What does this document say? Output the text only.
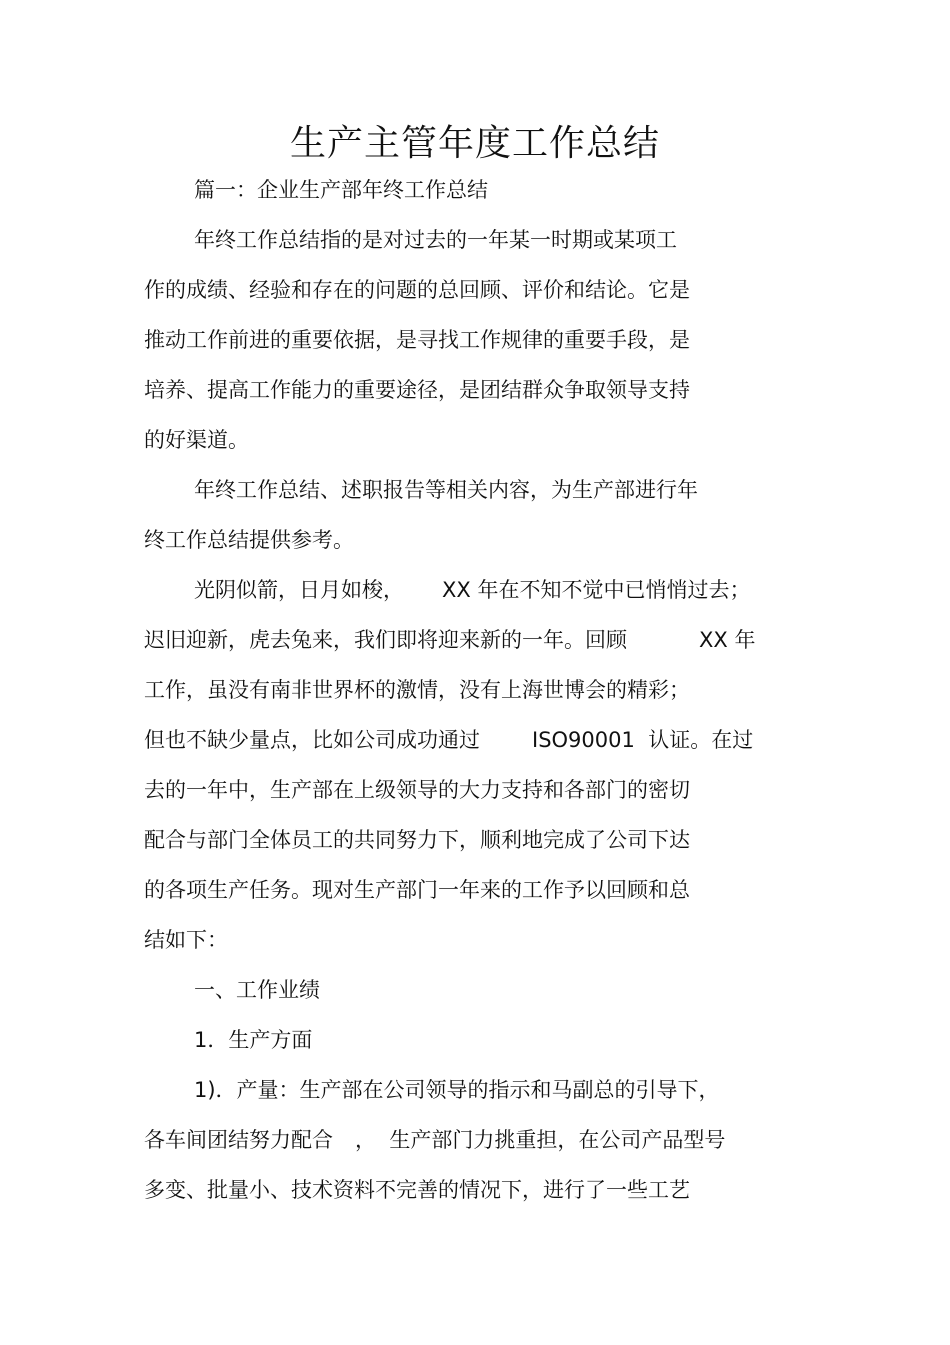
生产主管年度工作总结
篇一：企业生产部年终工作总结
年终工作总结指的是对过去的一年某一时期或某项工
作的成绩、经验和存在的问题的总回顾、评价和结论。它是
推动工作前进的重要依据，是寻找工作规律的重要手段，是
培养、提高工作能力的重要途径，是团结群众争取领导支持
的好渠道。
年终工作总结、述职报告等相关内容，为生产部进行年
终工作总结提供参考。
光阴似箭，日月如梭， XX 年在不知不觉中已悄悄过去；
迟旧迎新，虎去兔来，我们即将迎来新的一年。回顾	XX 年
工作，虽没有南非世界杯的激情，没有上海世博会的精彩；
但也不缺少量点，比如公司成功通过 ISO90001  认证。在过
去的一年中，生产部在上级领导的大力支持和各部门的密切
配合与部门全体员工的共同努力下，顺利地完成了公司下达
的各项生产任务。现对生产部门一年来的工作予以回顾和总
结如下：
一、工作业绩
1．生产方面
1)．产量：生产部在公司领导的指示和马副总的引导下，
各车间团结努力配合 ，  生产部门力挑重担，在公司产品型号
多变、批量小、技术资料不完善的情况下，进行了一些工艺
